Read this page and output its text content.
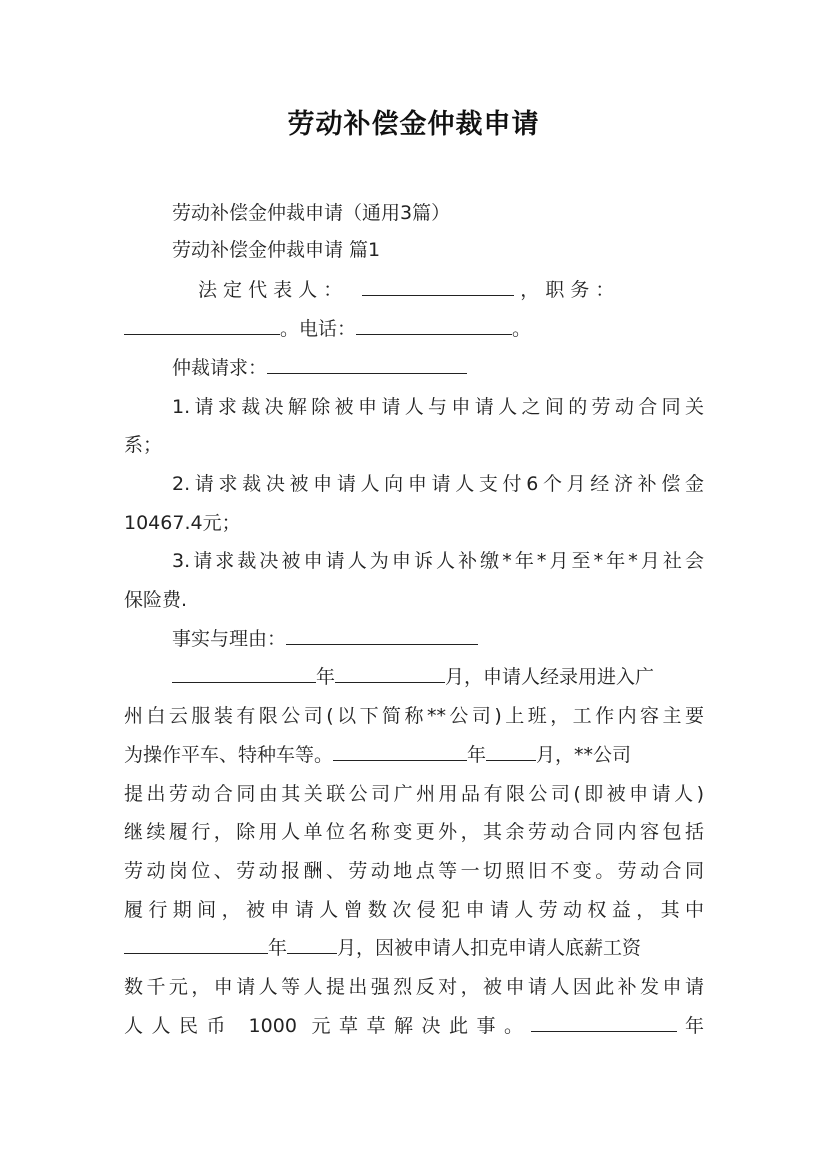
劳动补偿金仲裁申请
劳动补偿金仲裁申请（通用3篇）
劳动补偿金仲裁申请 篇1
法 定 代 表 人 ：	， 职 务 ：
。电话：	。
仲裁请求：
1.请求裁决解除被申请人与申请人之间的劳动合同关
系；
2.请求裁决被申请人向申请人支付6个月经济补偿金
10467.4元；
3.请求裁决被申请人为申诉人补缴*年*月至*年*月社会
保险费.
事实与理由：
年	月，申请人经录用进入广
州白云服装有限公司(以下简称**公司)上班，工作内容主要
为操作平车、特种车等。	年	月，**公司
提出劳动合同由其关联公司广州用品有限公司(即被申请人)
继续履行，除用人单位名称变更外，其余劳动合同内容包括
劳动岗位、劳动报酬、劳动地点等一切照旧不变。劳动合同
履行期间，被申请人曾数次侵犯申请人劳动权益，其中
年	月，因被申请人扣克申请人底薪工资
数千元，申请人等人提出强烈反对，被申请人因此补发申请
人人民币 1000 元草草解决此事。	年
